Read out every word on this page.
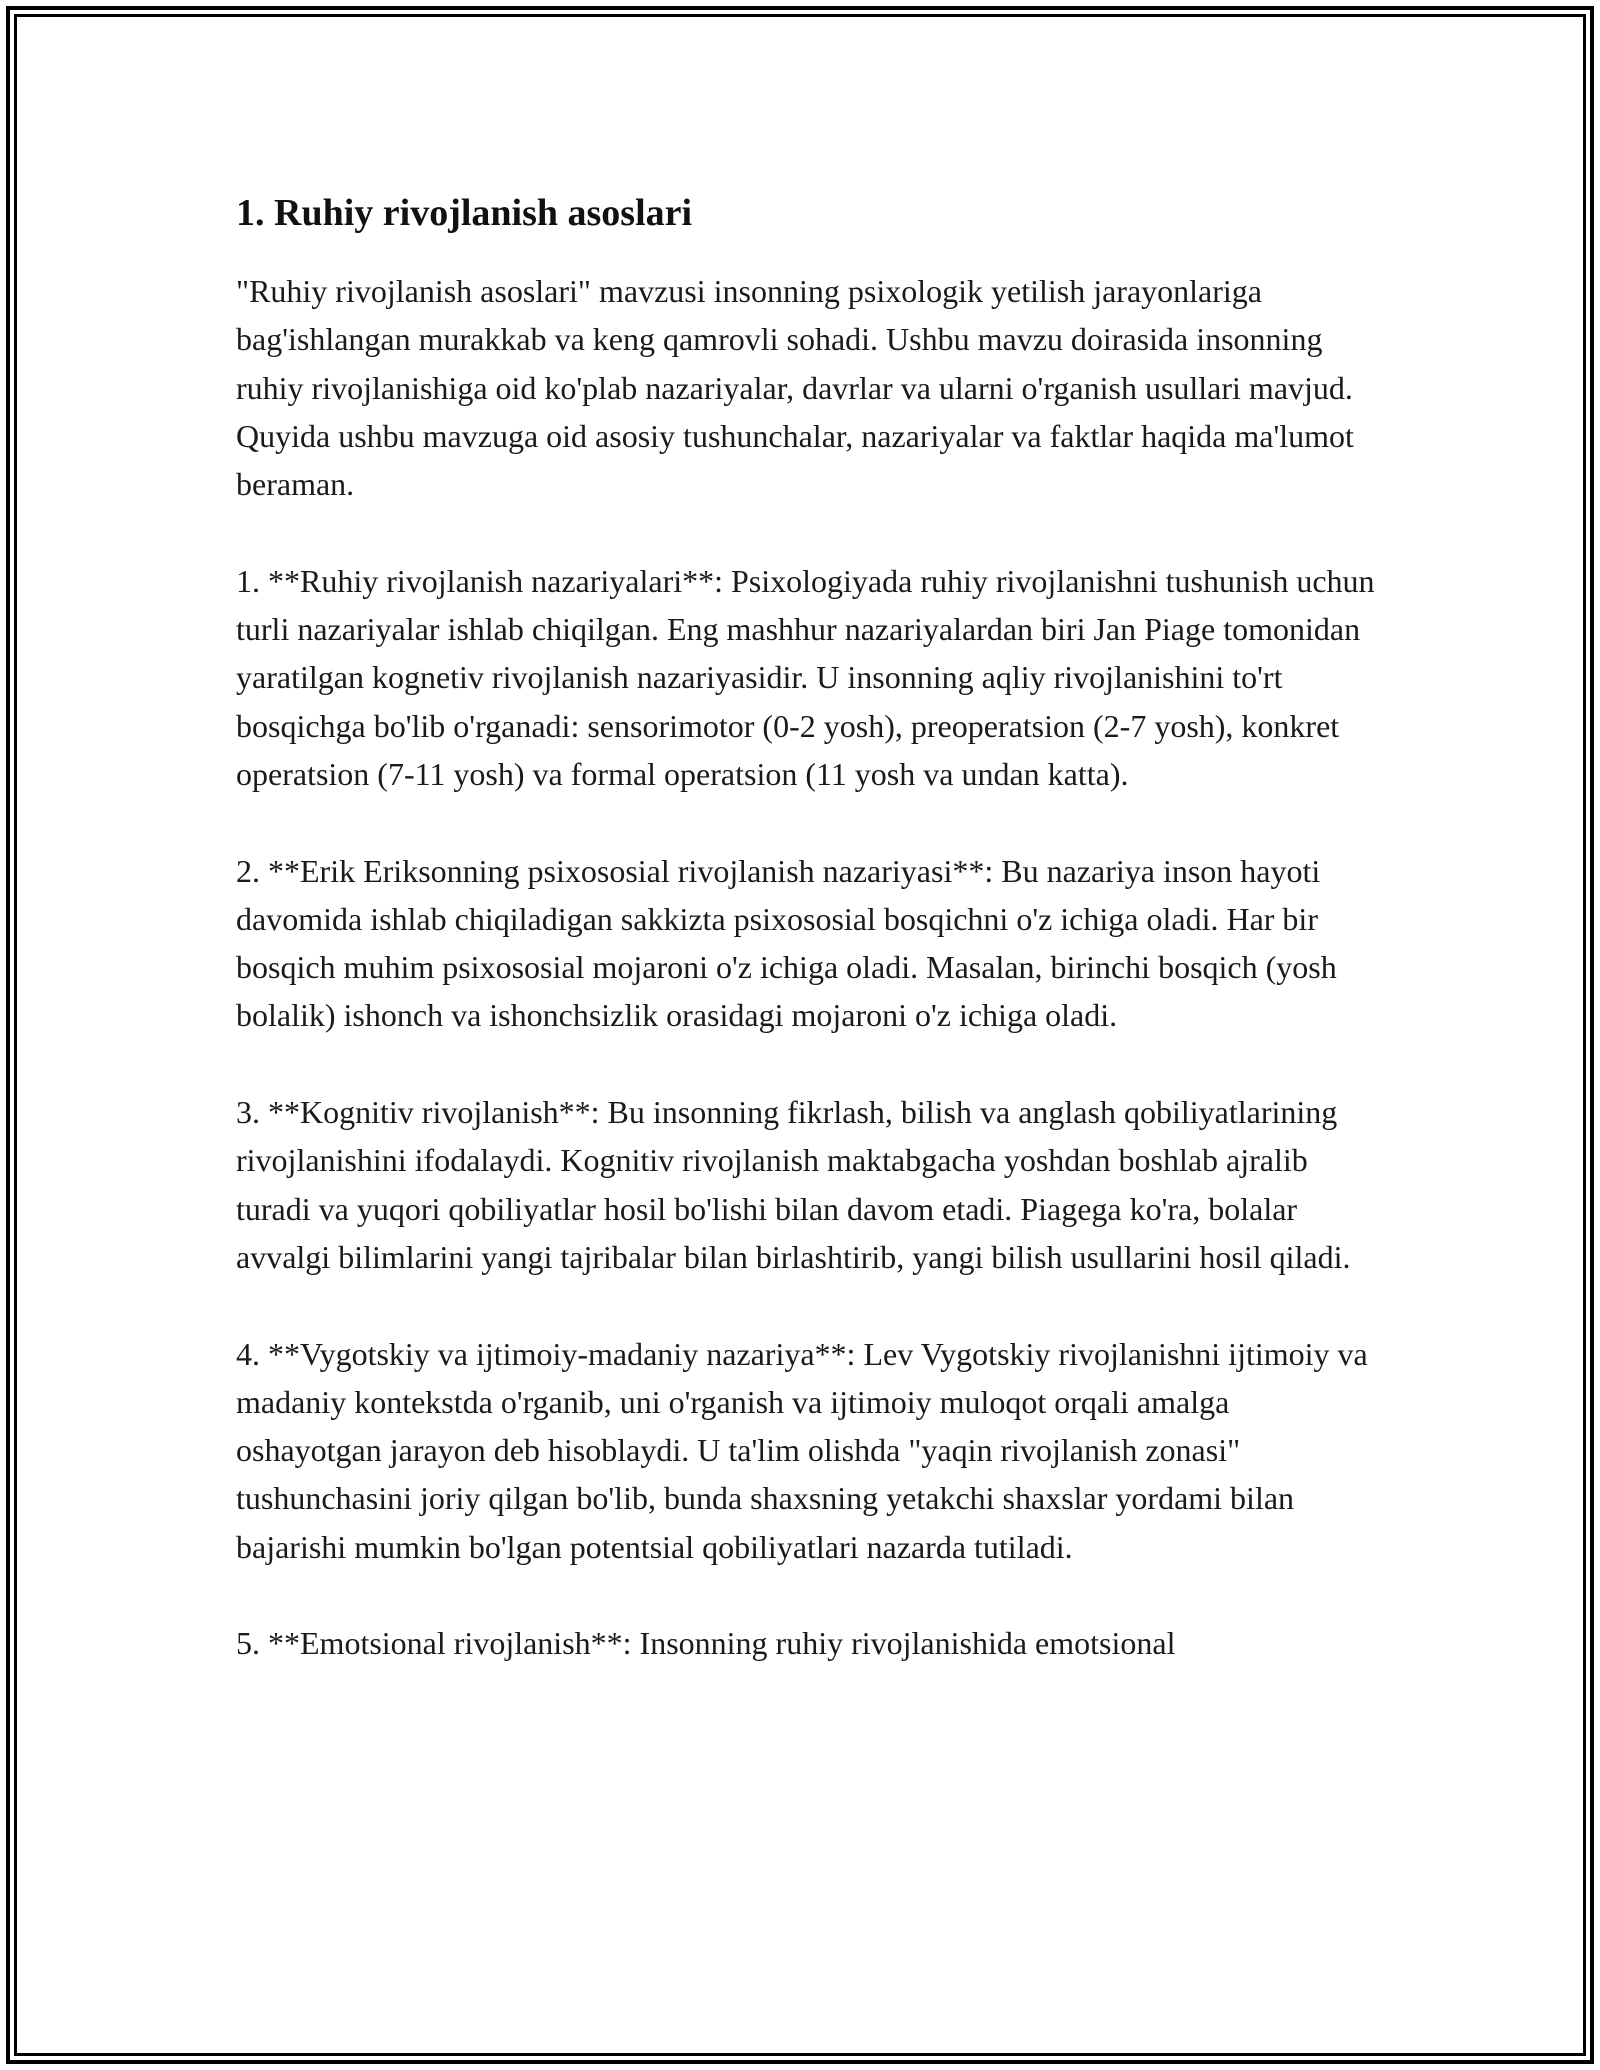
1. Ruhiy rivojlanish asoslari

"Ruhiy rivojlanish asoslari" mavzusi insonning psixologik yetilish jarayonlariga bag'ishlangan murakkab va keng qamrovli sohadi. Ushbu mavzu doirasida insonning ruhiy rivojlanishiga oid ko'plab nazariyalar, davrlar va ularni o'rganish usullari mavjud. Quyida ushbu mavzuga oid asosiy tushunchalar, nazariyalar va faktlar haqida ma'lumot beraman.

1. **Ruhiy rivojlanish nazariyalari**: Psixologiyada ruhiy rivojlanishni tushunish uchun turli nazariyalar ishlab chiqilgan. Eng mashhur nazariyalardan biri Jan Piage tomonidan yaratilgan kognetiv rivojlanish nazariyasidir. U insonning aqliy rivojlanishini to'rt bosqichga bo'lib o'rganadi: sensorimotor (0-2 yosh), preoperatsion (2-7 yosh), konkret operatsion (7-11 yosh) va formal operatsion (11 yosh va undan katta).

2. **Erik Eriksonning psixososial rivojlanish nazariyasi**: Bu nazariya inson hayoti davomida ishlab chiqiladigan sakkizta psixososial bosqichni o'z ichiga oladi. Har bir bosqich muhim psixososial mojaroni o'z ichiga oladi. Masalan, birinchi bosqich (yosh bolalik) ishonch va ishonchsizlik orasidagi mojaroni o'z ichiga oladi.

3. **Kognitiv rivojlanish**: Bu insonning fikrlash, bilish va anglash qobiliyatlarining rivojlanishini ifodalaydi. Kognitiv rivojlanish maktabgacha yoshdan boshlab ajralib turadi va yuqori qobiliyatlar hosil bo'lishi bilan davom etadi. Piagega ko'ra, bolalar avvalgi bilimlarini yangi tajribalar bilan birlashtirib, yangi bilish usullarini hosil qiladi.

4. **Vygotskiy va ijtimoiy-madaniy nazariya**: Lev Vygotskiy rivojlanishni ijtimoiy va madaniy kontekstda o'rganib, uni o'rganish va ijtimoiy muloqot orqali amalga oshayotgan jarayon deb hisoblaydi. U ta'lim olishda "yaqin rivojlanish zonasi" tushunchasini joriy qilgan bo'lib, bunda shaxsning yetakchi shaxslar yordami bilan bajarishi mumkin bo'lgan potentsial qobiliyatlari nazarda tutiladi.

5. **Emotsional rivojlanish**: Insonning ruhiy rivojlanishida emotsional
